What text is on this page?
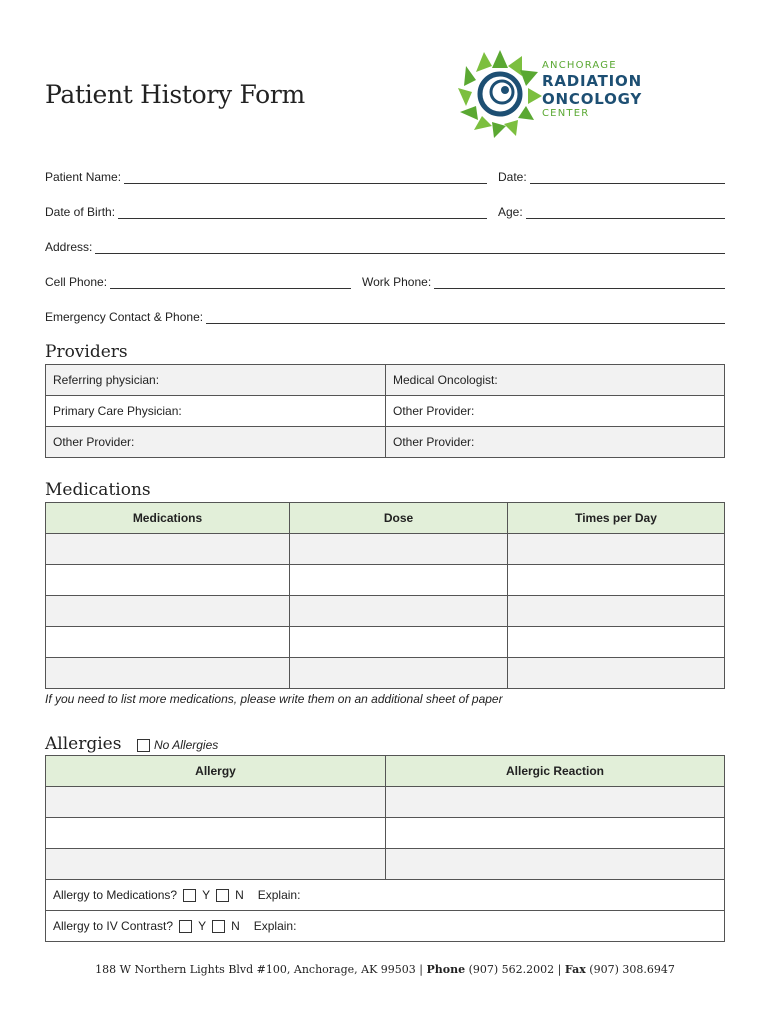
Patient History Form
ANCHORAGE
RADIATION
ONCOLOGY
CENTER
Patient Name:	Date:
Date of Birth:	Age:
Address:
Cell Phone:	Work Phone:
Emergency Contact & Phone:
Providers
Referring physician:	Medical Oncologist:
Primary Care Physician:	Other Provider:
Other Provider:	Other Provider:
Medications
Medications	Dose	Times per Day

If you need to list more medications, please write them on an additional sheet of paper
Allergies	No Allergies
Allergy	Allergic Reaction

Allergy to Medications? Y N Explain:	

Allergy to IV Contrast? Y N Explain:	
188 W Northern Lights Blvd #100, Anchorage, AK 99503 | Phone (907) 562.2002 | Fax (907) 308.6947
